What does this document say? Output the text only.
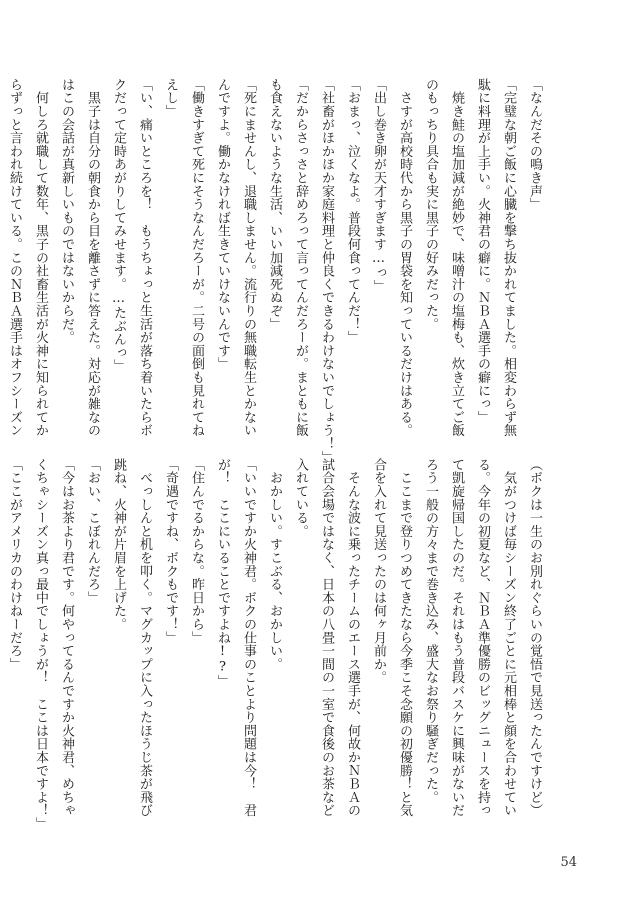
「なんだその鳴き声」
「完璧な朝ご飯に心臓を撃ち抜かれてました。相変わらず無
駄に料理が上手い。火神君の癖に。ＮＢＡ選手の癖にっ」
　焼き鮭の塩加減が絶妙で、味噌汁の塩梅も、炊き立てご飯
のもっちり具合も実に黒子の好みだった。
　さすが高校時代から黒子の胃袋を知っているだけはある。
「出し巻き卵が天才すぎます…っ」
「おまっ、泣くなよ。普段何食ってんだ！」
「社畜がほかほか家庭料理と仲良くできるわけないでしょう！」
「だからさっさと辞めろって言ってんだろーが。まともに飯
も食えないような生活、いい加減死ぬぞ」
「死にませんし、退職しません。流行りの無職転生とかない
んですよ。働かなければ生きていけないんです」
「働きすぎて死にそうなんだろーが。二号の面倒も見れてね
えし」
「い、痛いところを！　もうちょっと生活が落ち着いたらボ
クだって定時あがりしてみせます。…たぶんっ」
　黒子は自分の朝食から目を離さずに答えた。対応が雑なの
はこの会話が真新しいものではないからだ。
　何しろ就職して数年、黒子の社畜生活が火神に知られてか
らずっと言われ続けている。このＮＢＡ選手はオフシーズン
（ボクは一生のお別れぐらいの覚悟で見送ったんですけど）
　気がつけば毎シーズン終了ごとに元相棒と顔を合わせてい
る。今年の初夏など、ＮＢＡ準優勝のビッグニュースを持っ
て凱旋帰国したのだ。それはもう普段バスケに興味がないだ
ろう一般の方々まで巻き込み、盛大なお祭り騒ぎだった。
　ここまで登りつめてきたなら今季こそ念願の初優勝！と気
合を入れて見送ったのは何ヶ月前か。
　そんな波に乗ったチームのエース選手が、何故かＮＢＡの
試合会場ではなく、日本の八畳一間の一室で食後のお茶など
入れている。
　おかしい。すこぶる、おかしい。
「いいですか火神君。ボクの仕事のことより問題は今！　君
が！　ここにいることですよね!?」
「住んでるからな。昨日から」
「奇遇ですね、ボクもです！」
　べっしんと机を叩く。マグカップに入ったほうじ茶が飛び
跳ね、火神が片眉を上げた。
「おい、こぼれんだろ」
「今はお茶より君です。何やってるんですか火神君、めちゃ
くちゃシーズン真っ最中でしょうが！　ここは日本ですよ！」
「ここがアメリカのわけねーだろ」
54
